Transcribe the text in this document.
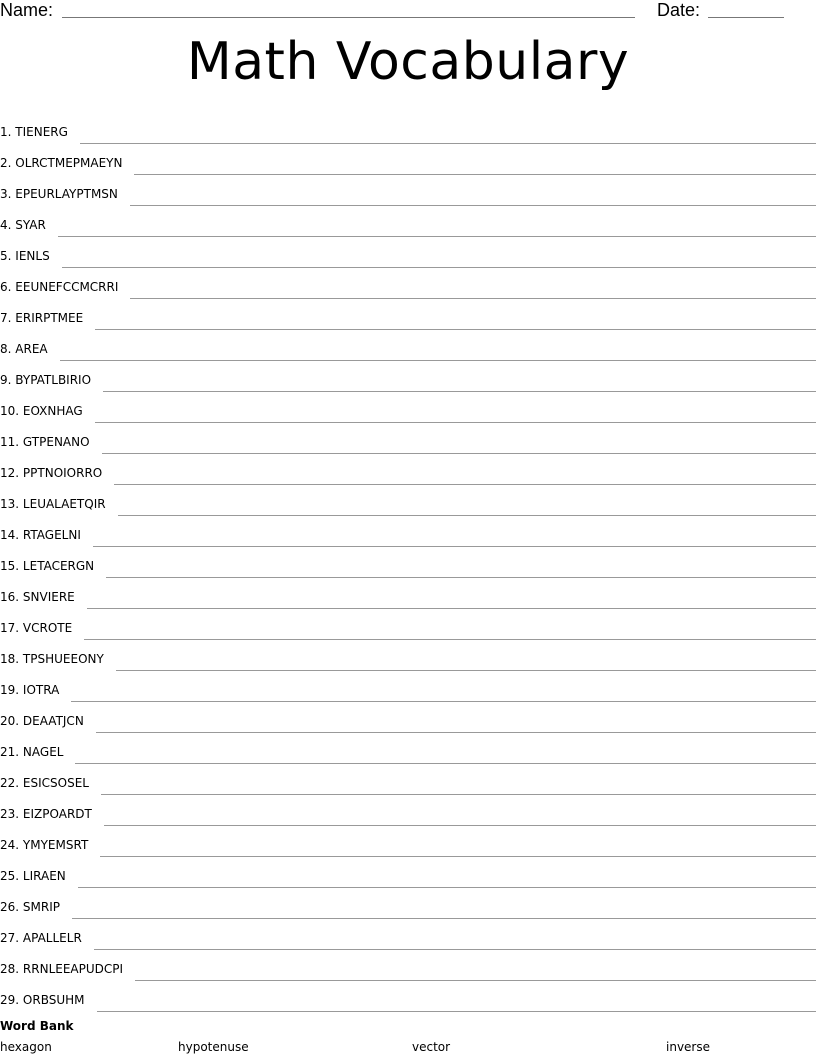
Name:	Date:
Math Vocabulary
1. TIENERG
2. OLRCTMEPMAEYN
3. EPEURLAYPTMSN
4. SYAR
5. IENLS
6. EEUNEFCCMCRRI
7. ERIRPTMEE
8. AREA
9. BYPATLBIRIO
10. EOXNHAG
11. GTPENANO
12. PPTNOIORRO
13. LEUALAETQIR
14. RTAGELNI
15. LETACERGN
16. SNVIERE
17. VCROTE
18. TPSHUEEONY
19. IOTRA
20. DEAATJCN
21. NAGEL
22. ESICSOSEL
23. EIZPOARDT
24. YMYEMSRT
25. LIRAEN
26. SMRIP
27. APALLELR
28. RRNLEEAPUDCPI
29. ORBSUHM
Word Bank
hexagon	hypotenuse	vector	inverse
